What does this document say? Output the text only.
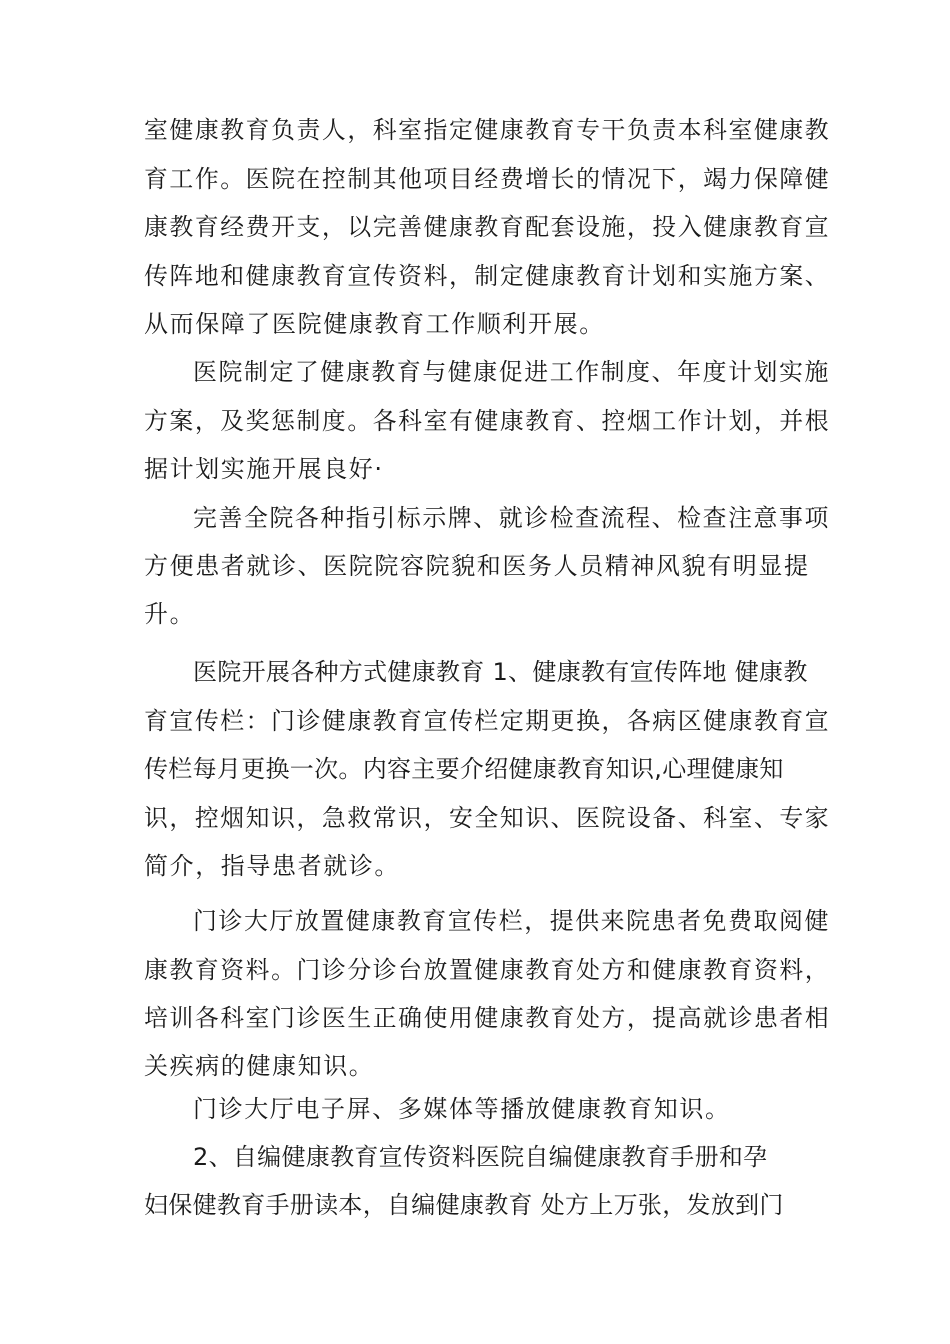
室健康教育负责人，科室指定健康教育专干负责本科室健康教
育工作。医院在控制其他项目经费增长的情况下，竭力保障健
康教育经费开支，以完善健康教育配套设施，投入健康教育宣
传阵地和健康教育宣传资料，制定健康教育计划和实施方案、
从而保障了医院健康教育工作顺利开展。
医院制定了健康教育与健康促进工作制度、年度计划实施
方案，及奖惩制度。各科室有健康教育、控烟工作计划，并根
据计划实施开展良好·
完善全院各种指引标示牌、就诊检查流程、检查注意事项
方便患者就诊、医院院容院貌和医务人员精神风貌有明显提
升。
医院开展各种方式健康教育 1、健康教有宣传阵地 健康教
育宣传栏：门诊健康教育宣传栏定期更换，各病区健康教育宣
传栏每月更换一次。内容主要介绍健康教育知识,心理健康知
识，控烟知识，急救常识，安全知识、医院设备、科室、专家
简介，指导患者就诊。
门诊大厅放置健康教育宣传栏，提供来院患者免费取阅健
康教育资料。门诊分诊台放置健康教育处方和健康教育资料，
培训各科室门诊医生正确使用健康教育处方，提高就诊患者相
关疾病的健康知识。
门诊大厅电子屏、多媒体等播放健康教育知识。
2、自编健康教育宣传资料医院自编健康教育手册和孕
妇保健教育手册读本，自编健康教育 处方上万张，发放到门
